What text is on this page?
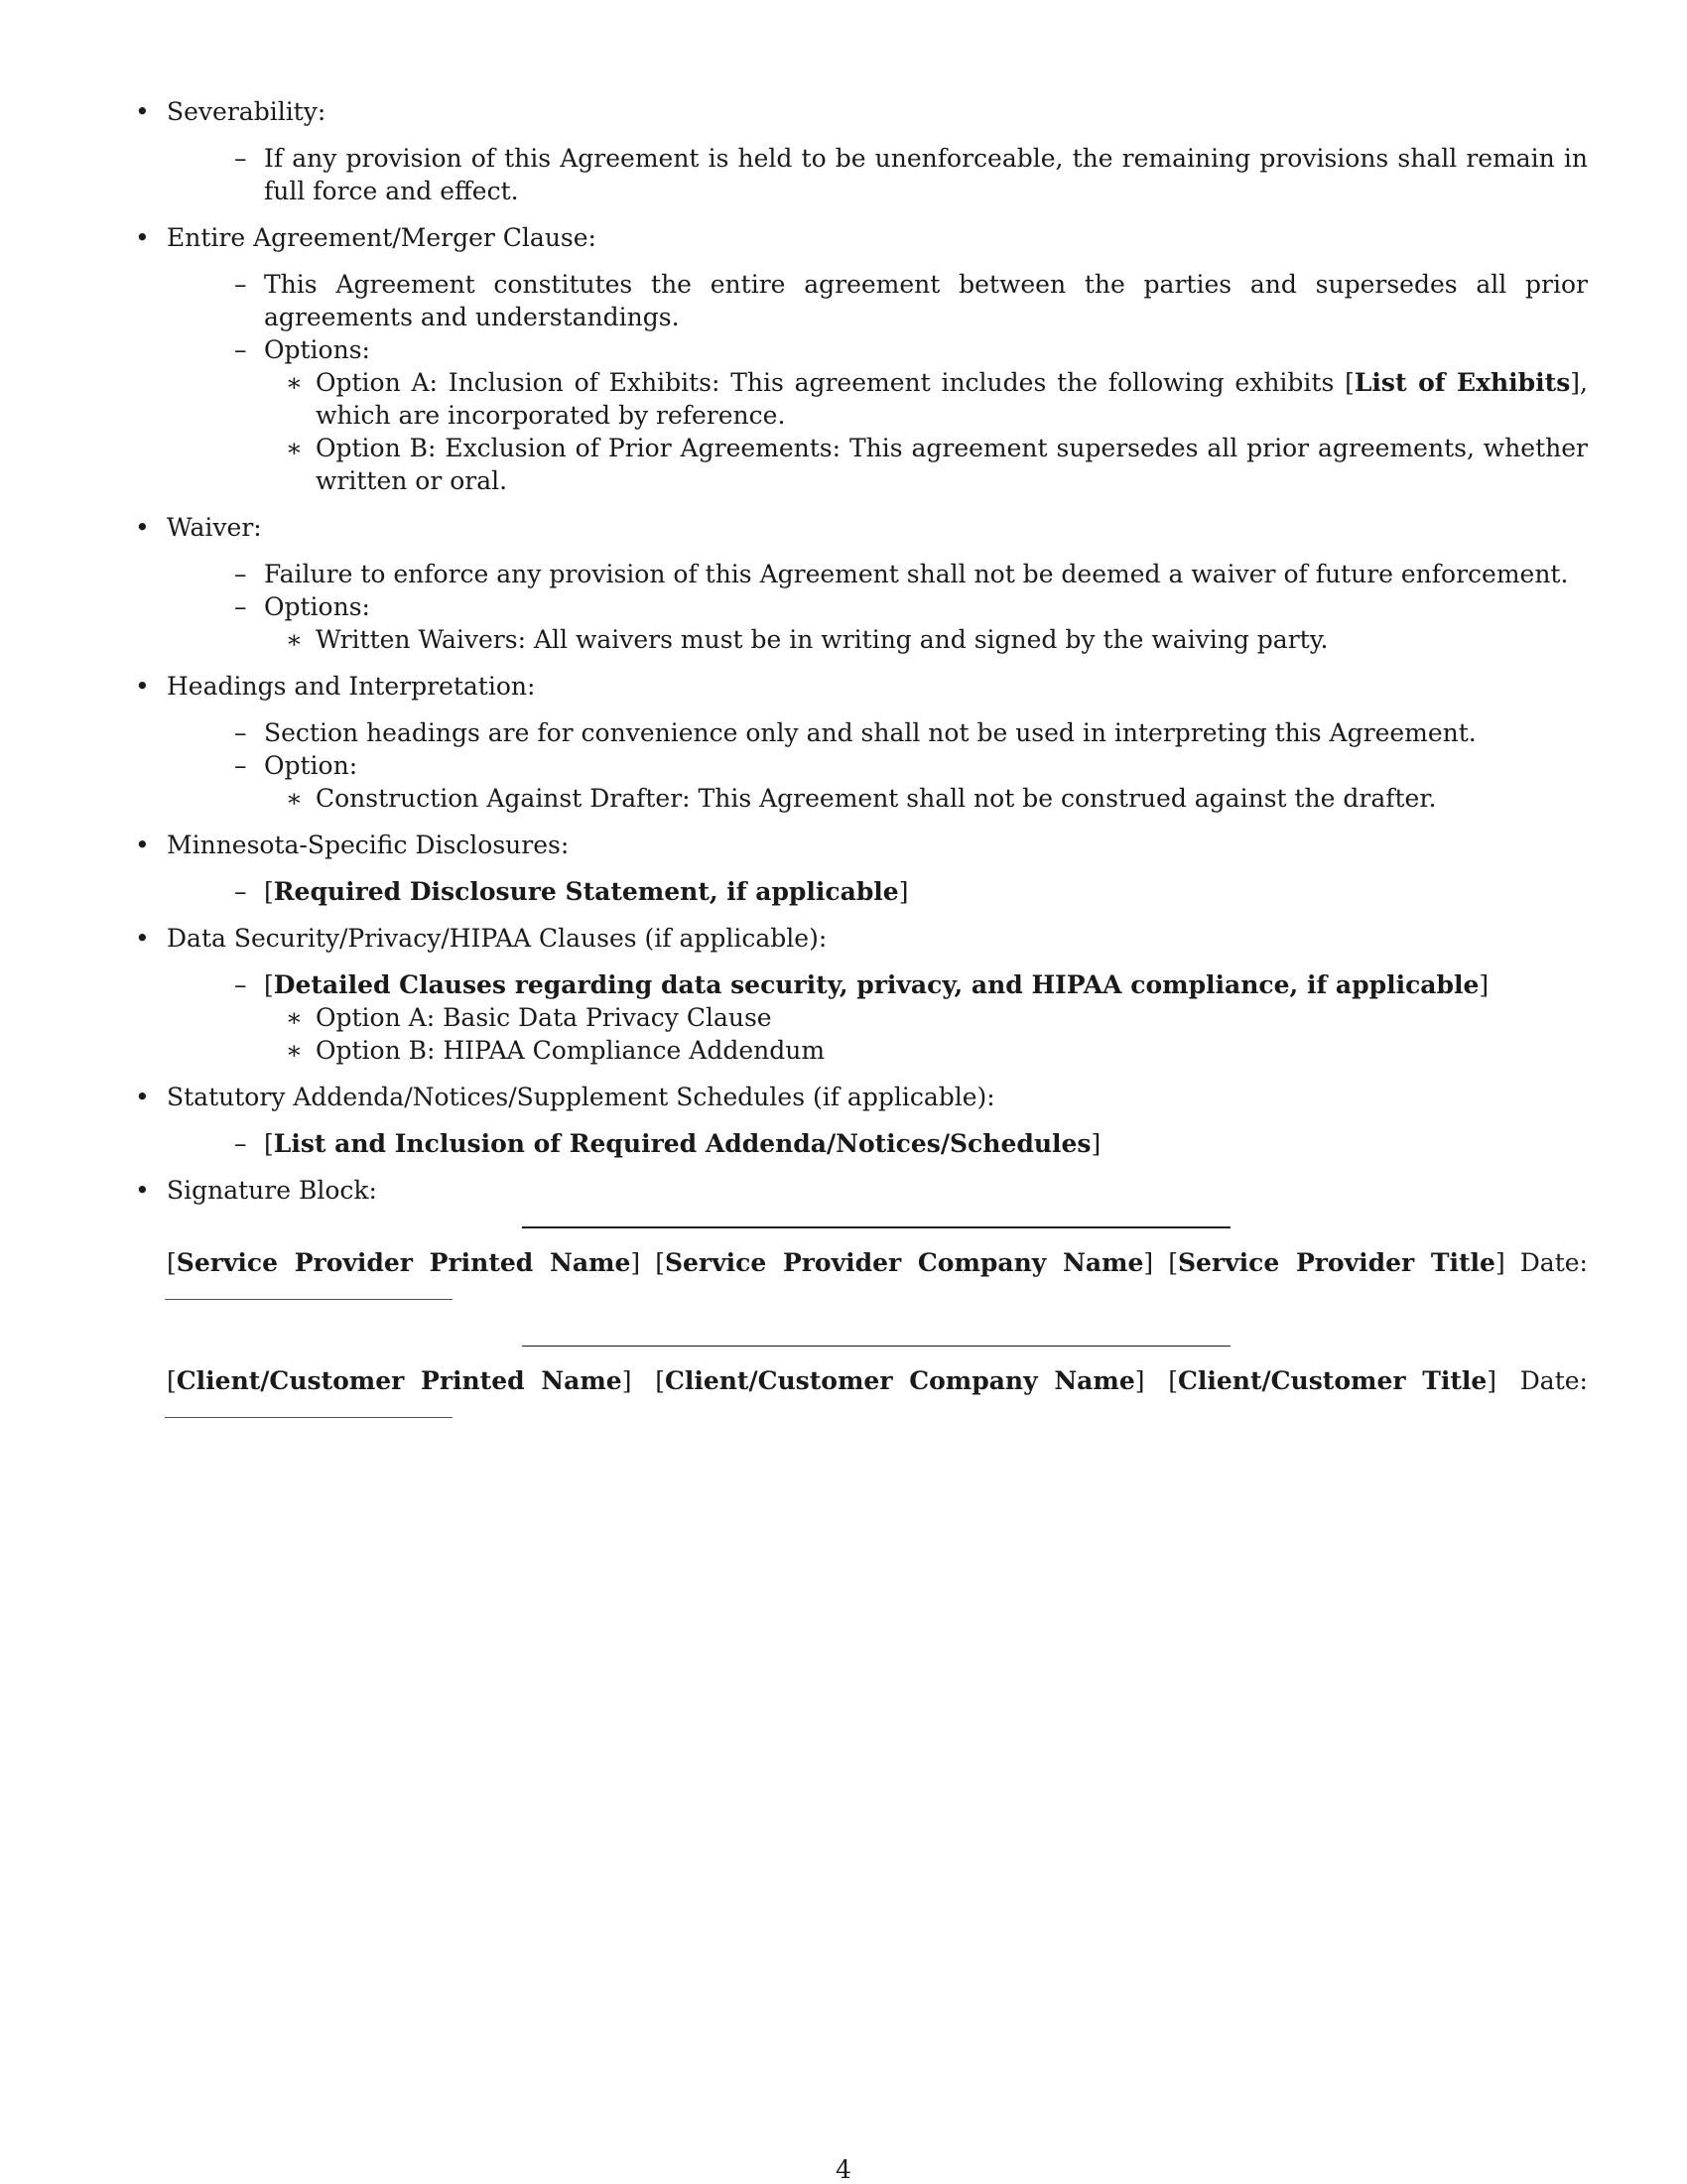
• Severability:
– If any provision of this Agreement is held to be unenforceable, the remaining provisions shall remain in full force and effect.
• Entire Agreement/Merger Clause:
– This Agreement constitutes the entire agreement between the parties and supersedes all prior agreements and understandings.
– Options:
∗ Option A: Inclusion of Exhibits: This agreement includes the following exhibits [List of Exhibits], which are incorporated by reference.
∗ Option B: Exclusion of Prior Agreements: This agreement supersedes all prior agreements, whether written or oral.
• Waiver:
– Failure to enforce any provision of this Agreement shall not be deemed a waiver of future enforcement.
– Options:
∗ Written Waivers: All waivers must be in writing and signed by the waiving party.
• Headings and Interpretation:
– Section headings are for convenience only and shall not be used in interpreting this Agreement.
– Option:
∗ Construction Against Drafter: This Agreement shall not be construed against the drafter.
• Minnesota-Specific Disclosures:
– [Required Disclosure Statement, if applicable]
• Data Security/Privacy/HIPAA Clauses (if applicable):
– [Detailed Clauses regarding data security, privacy, and HIPAA compliance, if applicable]
∗ Option A: Basic Data Privacy Clause
∗ Option B: HIPAA Compliance Addendum
• Statutory Addenda/Notices/Supplement Schedules (if applicable):
– [List and Inclusion of Required Addenda/Notices/Schedules]
• Signature Block:
[Service Provider Printed Name] [Service Provider Company Name] [Service Provider Title] Date:
[Client/Customer Printed Name] [Client/Customer Company Name] [Client/Customer Title] Date:
4
